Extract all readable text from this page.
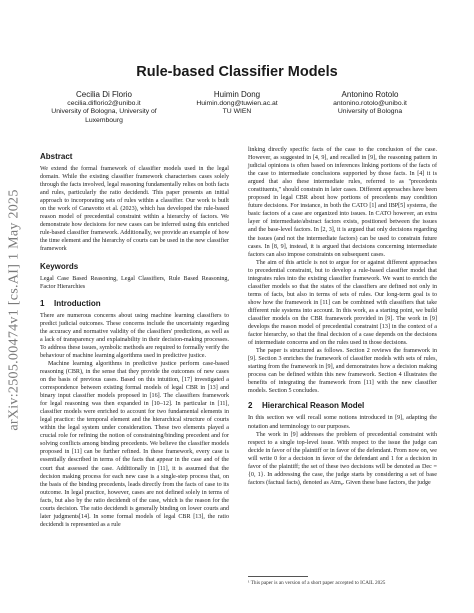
arXiv:2505.00474v1 [cs.AI] 1 May 2025
Rule-based Classifier Models
Cecilia Di Florio
cecilia.diflorio2@unibo.it
University of Bologna, University of
Luxembourg
Huimin Dong
Huimin.dong@tuwien.ac.at
TU WIEN
Antonino Rotolo
antonino.rotolo@unibo.it
University of Bologna
Abstract

We extend the formal framework of classifier models used in the legal domain. While the existing classifier framework characterises cases solely through the facts involved, legal reasoning fundamentally relies on both facts and rules, particularly the ratio decidendi. This paper presents an initial approach to incorporating sets of rules within a classifier. Our work is built on the work of Canavotto et al. (2023), which has developed the rule-based reason model of precedential constraint within a hierarchy of factors. We demonstrate how decisions for new cases can be inferred using this enriched rule-based classifier framework. Additionally, we provide an example of how the time element and the hierarchy of courts can be used in the new classifier framework

Keywords

Legal Case Based Reasoning, Legal Classifiers, Rule Based Reasoning, Factor Hierarchies

1 Introduction

There are numerous concerns about using machine learning classifiers to predict judicial outcomes. These concerns include the uncertainty regarding the accuracy and normative validity of the classifiers' predictions, as well as a lack of transparency and explainability in their decision-making processes. To address these issues, symbolic methods are required to formally verify the behaviour of machine learning algorithms used in predictive justice.

Machine learning algorithms in predictive justice perform case-based reasoning (CBR), in the sense that they provide the outcomes of new cases on the basis of previous cases. Based on this intuition, [17] investigated a correspondence between existing formal models of legal CBR in [13] and binary input classifier models proposed in [16]. The classifiers framework for legal reasoning was then expanded in [10–12]. In particular in [11], classifier models were enriched to account for two fundamental elements in legal practice: the temporal element and the hierarchical structure of courts within the legal system under consideration. These two elements played a crucial role for refining the notion of constraining/binding precedent and for solving conflicts among binding precedents. We believe the classifier models proposed in [11] can be further refined. In these framework, every case is essentially described in terms of the facts that appear in the case and of the court that assessed the case. Additionally in [11], it is assumed that the decision making process for each new case is a single-step process that, on the basis of the binding precedents, leads directly from the facts of case to its outcome. In legal practice, however, cases are not defined solely in terms of facts, but also by the ratio decidendi of the case, which is the reason for the courts decision. The ratio decidendi is generally binding on lower courts and later judgments[14]. In some formal models of legal CBR [13], the ratio decidendi is represented as a rule

linking directly specific facts of the case to the conclusion of the case. However, as suggested in [4, 9], and recalled in [9], the reasoning pattern in judicial opinions is often based on inferences linking portions of the facts of the case to intermediate conclusions supported by those facts. In [4] it is argued that also these intermediate rules, referred to as "precedents constituents," should constrain in later cases. Different approaches have been proposed in legal CBR about how portions of precedents may condition future decisions. For instance, in both the CATO [1] and IBP[5] systems, the basic factors of a case are organized into issues. In CATO however, an extra layer of intermediate/abstract factors exists, positioned between the issues and the base-level factors. In [2, 3], it is argued that only decisions regarding the issues (and not the intermediate factors) can be used to constrain future cases. In [8, 9], instead, it is argued that decisions concerning intermediate factors can also impose constraints on subsequent cases.

The aim of this article is not to argue for or against different approaches to precedential constraint, but to develop a rule-based classifier model that integrates rules into the existing classifier framework. We want to enrich the classifier models so that the states of the classifiers are defined not only in terms of facts, but also in terms of sets of rules. Our long-term goal is to show how the framework in [11] can be combined with classifiers that take different rule systems into account. In this work, as a starting point, we build classifier models on the CBR framework provided in [9]. The work in [9] develops the reason model of precedential constraint [13] in the context of a factor hierarchy, so that the final decision of a case depends on the decisions of intermediate concerns and on the rules used in those decisions.

The paper is structured as follows. Section 2 reviews the framework in [9]. Section 3 enriches the framework of classifier models with sets of rules, starting from the framework in [9], and demonstrates how a decision making process can be defined within this new framework. Section 4 illustrates the benefits of integrating the framework from [11] with the new classifier models. Section 5 concludes.

2 Hierarchical Reason Model

In this section we will recall some notions introduced in [9], adapting the notation and terminology to our purposes.

The work in [9] addresses the problem of precedential constraint with respect to a single top-level issue. With respect to the issue the judge can decide in favor of the plaintiff or in favor of the defendant. From now on, we will write 0 for a decision in favor of the defendant and 1 for a decision in favor of the plaintiff; the set of these two decisions will be denoted as Dec = {0, 1}. In addressing the case, the judge starts by considering a set of base factors (factual facts), denoted as Atmᵩ. Given these base factors, the judge

¹ This paper is an version of a short paper accepted to ICAIL 2025
